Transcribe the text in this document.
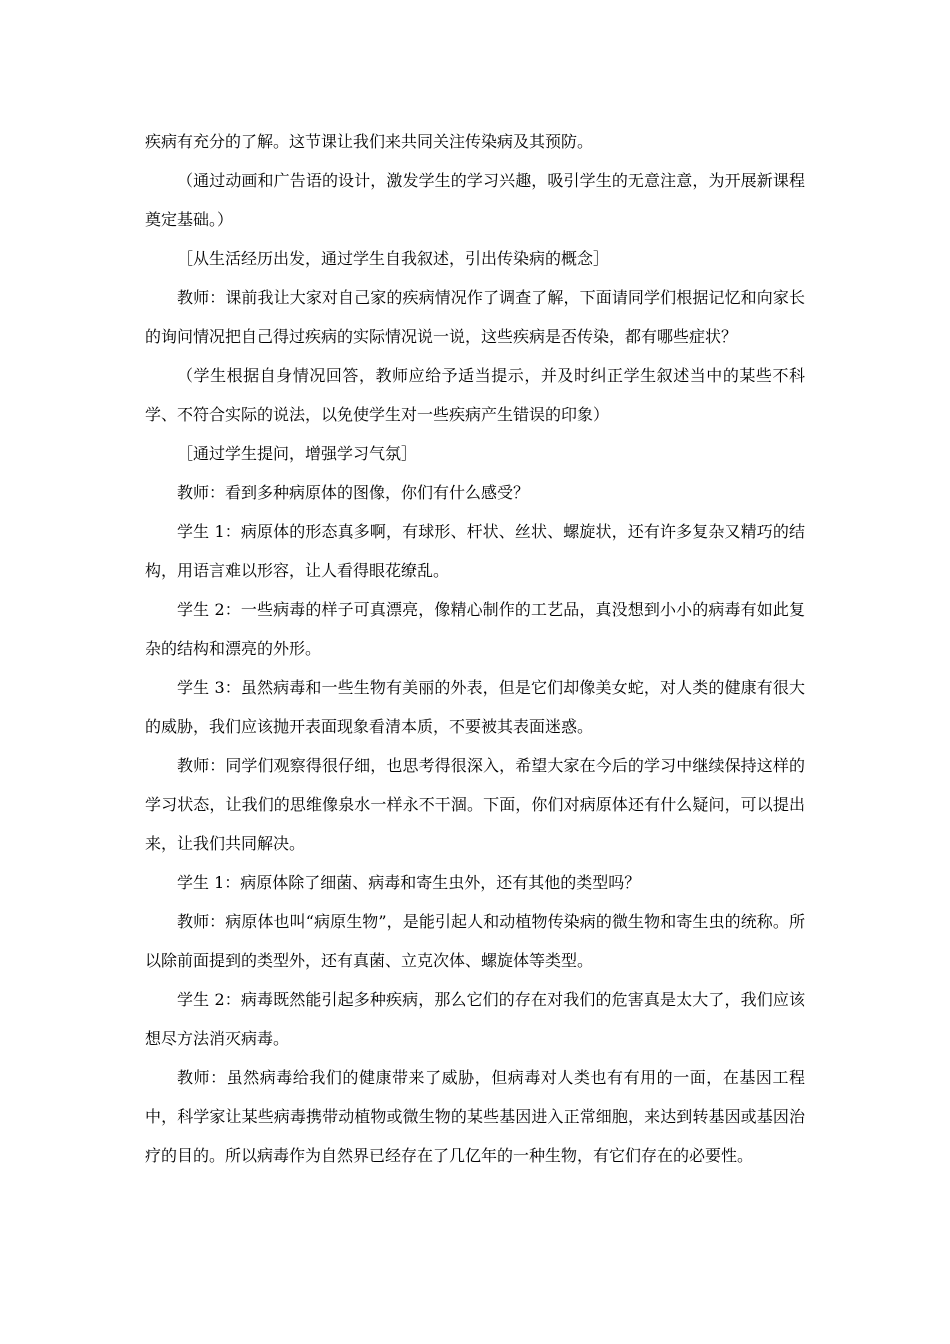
疾病有充分的了解。这节课让我们来共同关注传染病及其预防。

（通过动画和广告语的设计，激发学生的学习兴趣，吸引学生的无意注意，为开展新课程奠定基础。）

［从生活经历出发，通过学生自我叙述，引出传染病的概念］

教师：课前我让大家对自己家的疾病情况作了调查了解，下面请同学们根据记忆和向家长的询问情况把自己得过疾病的实际情况说一说，这些疾病是否传染，都有哪些症状？

（学生根据自身情况回答，教师应给予适当提示，并及时纠正学生叙述当中的某些不科学、不符合实际的说法，以免使学生对一些疾病产生错误的印象）

［通过学生提问，增强学习气氛］

教师：看到多种病原体的图像，你们有什么感受？

学生 1：病原体的形态真多啊，有球形、杆状、丝状、螺旋状，还有许多复杂又精巧的结构，用语言难以形容，让人看得眼花缭乱。

学生 2：一些病毒的样子可真漂亮，像精心制作的工艺品，真没想到小小的病毒有如此复杂的结构和漂亮的外形。

学生 3：虽然病毒和一些生物有美丽的外表，但是它们却像美女蛇，对人类的健康有很大的威胁，我们应该抛开表面现象看清本质，不要被其表面迷惑。

教师：同学们观察得很仔细，也思考得很深入，希望大家在今后的学习中继续保持这样的学习状态，让我们的思维像泉水一样永不干涸。下面，你们对病原体还有什么疑问，可以提出来，让我们共同解决。

学生 1：病原体除了细菌、病毒和寄生虫外，还有其他的类型吗？

教师：病原体也叫“病原生物”，是能引起人和动植物传染病的微生物和寄生虫的统称。所以除前面提到的类型外，还有真菌、立克次体、螺旋体等类型。

学生 2：病毒既然能引起多种疾病，那么它们的存在对我们的危害真是太大了，我们应该想尽方法消灭病毒。

教师：虽然病毒给我们的健康带来了威胁，但病毒对人类也有有用的一面，在基因工程中，科学家让某些病毒携带动植物或微生物的某些基因进入正常细胞，来达到转基因或基因治疗的目的。所以病毒作为自然界已经存在了几亿年的一种生物，有它们存在的必要性。
